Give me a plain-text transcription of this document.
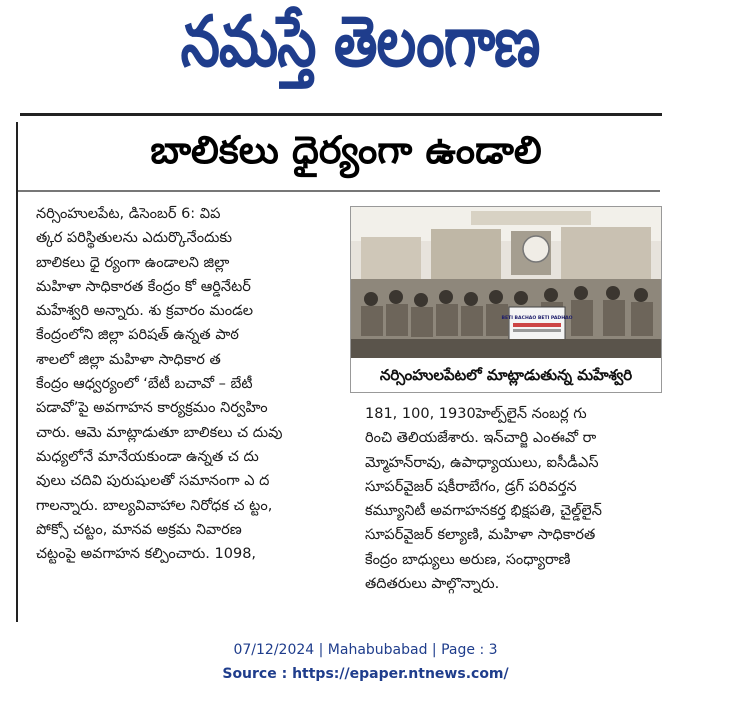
నమస్తే తెలంగాణ
బాలికలు ధైర్యంగా ఉండాలి
నర్సింహులపేట, డిసెంబర్ 6: విప
త్కర పరిస్థితులను ఎదుర్కొనేందుకు
బాలికలు ధై ర్యంగా ఉండాలని జిల్లా
మహిళా సాధికారత కేంద్రం కో ఆర్డినేటర్
మహేశ్వరి అన్నారు. శు క్రవారం మండల
కేంద్రంలోని జిల్లా పరిషత్ ఉన్నత పాఠ
శాలలో జిల్లా మహిళా సాధికార త
కేంద్రం ఆధ్వర్యంలో ‘బేటీ బచావో – బేటీ
పడావో’పై అవగాహన కార్యక్రమం నిర్వహిం
చారు. ఆమె మాట్లాడుతూ బాలికలు చ దువు
మధ్యలోనే మానేయకుండా ఉన్నత చ దు
వులు చదివి పురుషులతో సమానంగా ఎ ద
గాలన్నారు. బాల్యవివాహాల నిరోధక చ ట్టం,
పోక్సో చట్టం, మానవ అక్రమ నివారణ
చట్టంపై అవగాహన కల్పించారు. 1098,
BETI BACHAO BETI PADHAO
నర్సింహులపేటలో మాట్లాడుతున్న మహేశ్వరి
181, 100, 1930హెల్ప్‌లైన్ నంబర్ల గు
రించి తెలియజేశారు. ఇన్‌చార్జి ఎంఈవో రా
మ్మోహన్‌రావు, ఉపాధ్యాయులు, ఐసీడీఎస్
సూపర్‌వైజర్ షకీరాబేగం, డ్రగ్ పరివర్తన
కమ్యూనిటీ అవగాహనకర్త భిక్షపతి, చైల్డ్‌లైన్
సూపర్‌వైజర్ కల్యాణి, మహిళా సాధికారత
కేంద్రం బాధ్యులు అరుణ, సంధ్యారాణి
తదితరులు పాల్గొన్నారు.
07/12/2024 | Mahabubabad | Page : 3
Source : https://epaper.ntnews.com/
